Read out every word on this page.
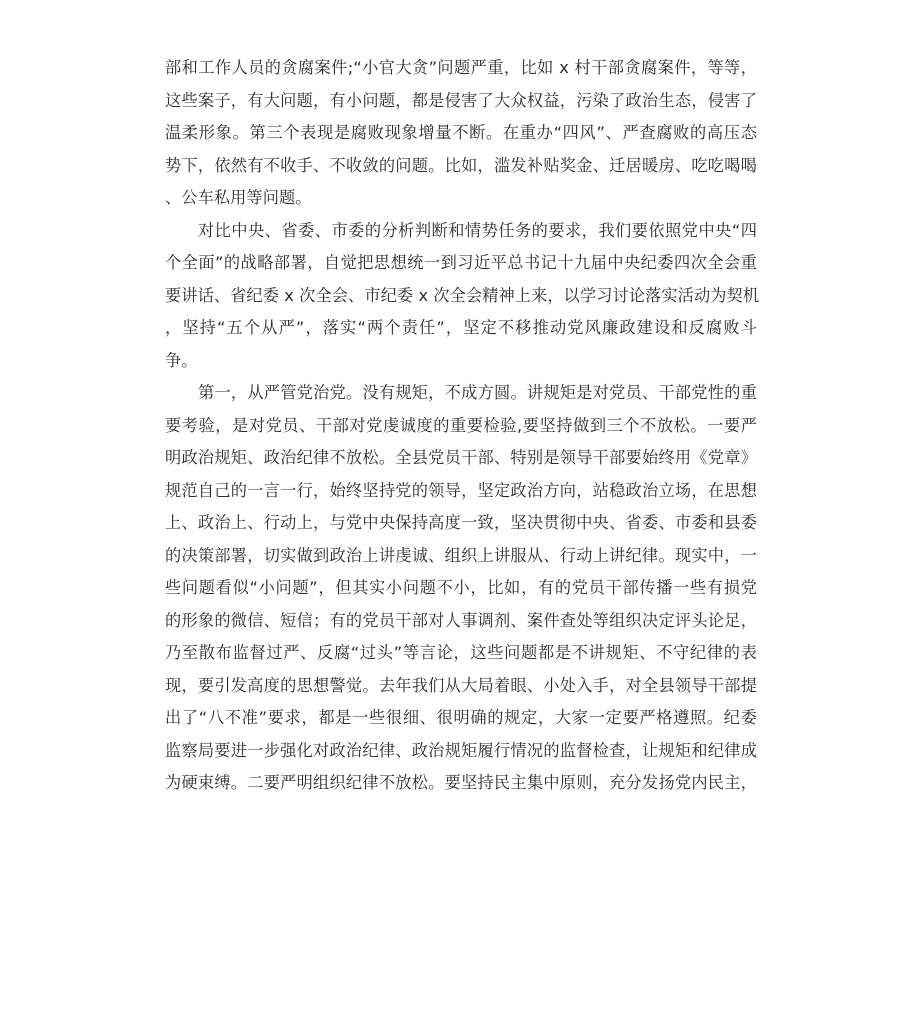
部和工作人员的贪腐案件;“小官大贪”问题严重，比如 x 村干部贪腐案件，等等，
这些案子，有大问题，有小问题，都是侵害了大众权益，污染了政治生态，侵害了
温柔形象。第三个表现是腐败现象增量不断。在重办“四风”、严查腐败的高压态
势下，依然有不收手、不收敛的问题。比如，滥发补贴奖金、迁居暖房、吃吃喝喝
、公车私用等问题。
对比中央、省委、市委的分析判断和情势任务的要求，我们要依照党中央“四
个全面”的战略部署，自觉把思想统一到习近平总书记十九届中央纪委四次全会重
要讲话、省纪委 x 次全会、市纪委 x 次全会精神上来，以学习讨论落实活动为契机
，坚持“五个从严”，落实“两个责任”，坚定不移推动党风廉政建设和反腐败斗
争。
第一，从严管党治党。没有规矩，不成方圆。讲规矩是对党员、干部党性的重
要考验，是对党员、干部对党虔诚度的重要检验,要坚持做到三个不放松。一要严
明政治规矩、政治纪律不放松。全县党员干部、特别是领导干部要始终用《党章》
规范自己的一言一行，始终坚持党的领导，坚定政治方向，站稳政治立场，在思想
上、政治上、行动上，与党中央保持高度一致，坚决贯彻中央、省委、市委和县委
的决策部署，切实做到政治上讲虔诚、组织上讲服从、行动上讲纪律。现实中，一
些问题看似“小问题”，但其实小问题不小，比如，有的党员干部传播一些有损党
的形象的微信、短信；有的党员干部对人事调剂、案件查处等组织决定评头论足，
乃至散布监督过严、反腐“过头”等言论，这些问题都是不讲规矩、不守纪律的表
现，要引发高度的思想警觉。去年我们从大局着眼、小处入手，对全县领导干部提
出了“八不准”要求，都是一些很细、很明确的规定，大家一定要严格遵照。纪委
监察局要进一步强化对政治纪律、政治规矩履行情况的监督检查，让规矩和纪律成
为硬束缚。二要严明组织纪律不放松。要坚持民主集中原则，充分发扬党内民主，
